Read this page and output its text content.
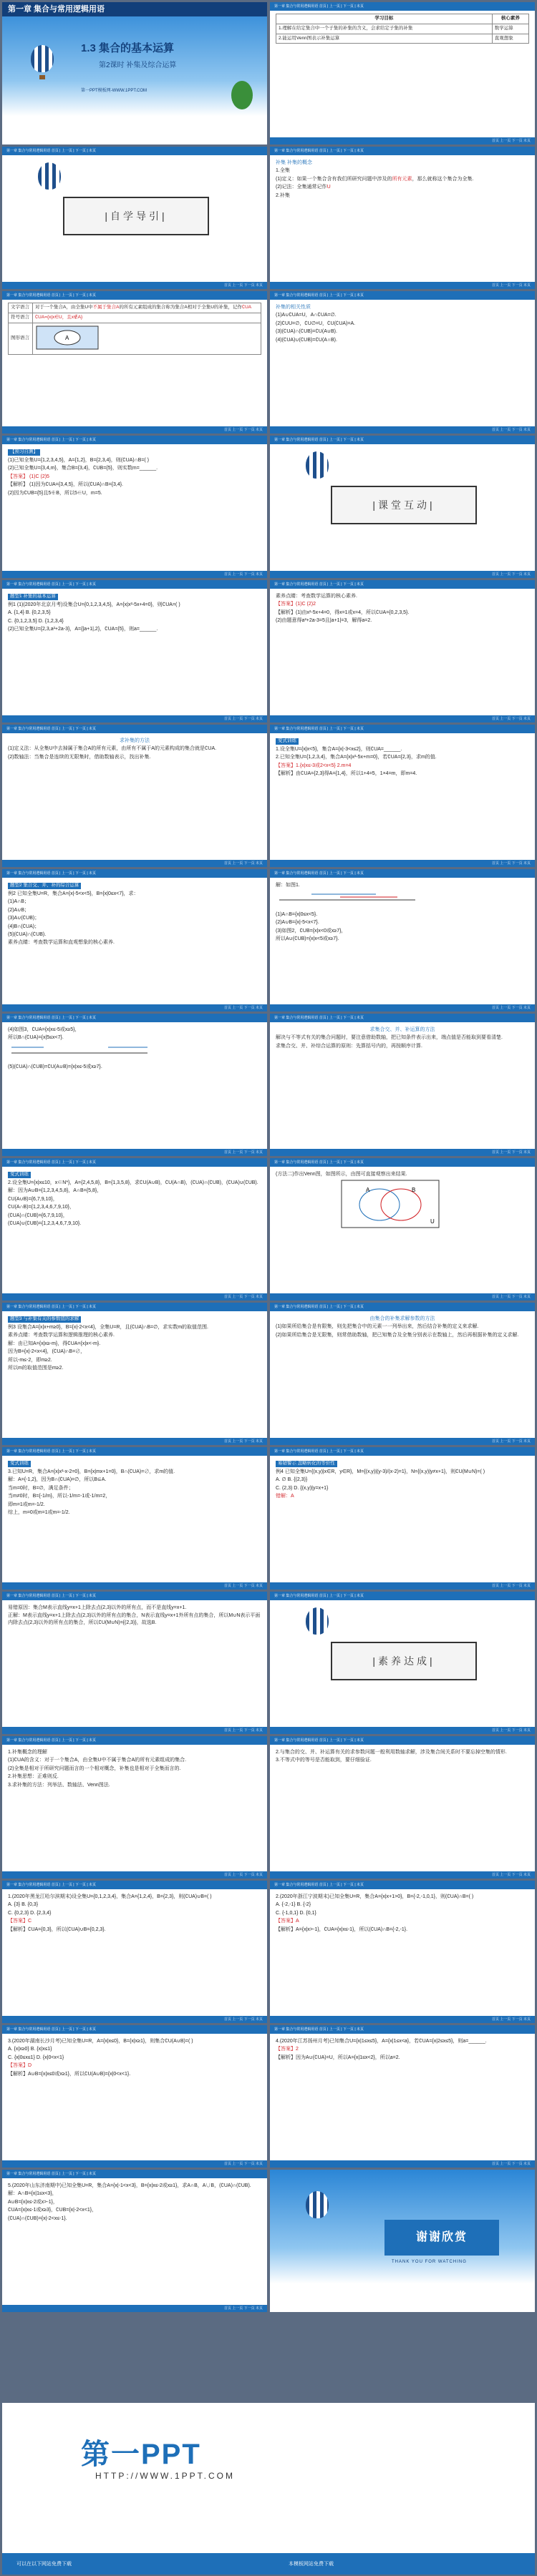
第一章 集合与常用逻辑用语
1.3 集合的基本运算
第2课时 补集及综合运算
第一PPT模板网-WWW.1PPT.COM
第一章 集合与常用逻辑用语 首页 | 上一页 | 下一页 | 末页
学习目标	核心素养
1.理解在给定集合中一个子集的补集的含义，会求给定子集的补集	数学运算
2.能运用Venn图表示补集运算	直观想象
首页 上一页 下一页 末页
第一章 集合与常用逻辑用语 首页 | 上一页 | 下一页 | 末页
|自学导引|
首页 上一页 下一页 末页
第一章 集合与常用逻辑用语 首页 | 上一页 | 下一页 | 末页
补集 补集的概念
1.全集
(1)定义：如果一个集合含有我们所研究问题中涉及的所有元素，那么就称这个集合为全集.
(2)记法：全集通常记作U
2.补集
首页 上一页 下一页 末页
第一章 集合与常用逻辑用语 首页 | 上一页 | 下一页 | 末页
文字语言	对于一个集合A，由全集U中不属于集合A的所有元素组成的集合称为集合A相对于全集U的补集，记作∁UA
符号语言	∁UA={x|x∈U，且x∉A}
图形语言	A
首页 上一页 下一页 末页
第一章 集合与常用逻辑用语 首页 | 上一页 | 下一页 | 末页
补集的相关性质
(1)A∪∁UA=U，A∩∁UA=∅.
(2)∁UU=∅，∁U∅=U，∁U(∁UA)=A.
(3)(∁UA)∩(∁UB)=∁U(A∪B).
(4)(∁UA)∪(∁UB)=∁U(A∩B).
首页 上一页 下一页 末页
第一章 集合与常用逻辑用语 首页 | 上一页 | 下一页 | 末页
【预习自测】
(1)已知全集U={1,2,3,4,5}，A={1,2}，B={2,3,4}，则(∁UA)∩B=( )
(2)已知全集U={3,4,m}，集合B={3,4}，∁UB={5}，则实数m=______.
【答案】 (1)C (2)5
【解析】 (1)因为∁UA={3,4,5}，所以(∁UA)∩B={3,4}.
(2)因为∁UB={5}且5∉B，所以5∈U，m=5.
首页 上一页 下一页 末页
第一章 集合与常用逻辑用语 首页 | 上一页 | 下一页 | 末页
|课堂互动|
首页 上一页 下一页 末页
第一章 集合与常用逻辑用语 首页 | 上一页 | 下一页 | 末页
题型1 补集的基本运算
例1 (1)(2020年北京月考)设集合U={0,1,2,3,4,5}，A={x|x²-5x+4=0}，则∁UA=( )
A. {1,4} B. {0,2,3,5}
C. {0,1,2,3,5} D. {1,2,3,4}
(2)已知全集U={2,3,a²+2a-3}，A={|a+1|,2}，∁UA={5}，则a=______.
首页 上一页 下一页 末页
第一章 集合与常用逻辑用语 首页 | 上一页 | 下一页 | 末页
素养点睛：考查数学运算的核心素养.
【答案】(1)C (2)2
【解析】(1)由x²-5x+4=0，得x=1或x=4，所以∁UA={0,2,3,5}.
(2)由题意得a²+2a-3=5且|a+1|=3，解得a=2.
首页 上一页 下一页 末页
第一章 集合与常用逻辑用语 首页 | 上一页 | 下一页 | 末页
求补集的方法
(1)定义法：从全集U中去掉属于集合A的所有元素，由所有不属于A的元素构成的集合就是∁UA.
(2)数轴法：当集合是连续的无限集时，借助数轴表示，找出补集.
首页 上一页 下一页 末页
第一章 集合与常用逻辑用语 首页 | 上一页 | 下一页 | 末页
变式训练
1.设全集U={x|x<5}，集合A={x|-3<x≤2}，则∁UA=______.
2.已知全集U={1,2,3,4}，集合A={x|x²-5x+m=0}，若∁UA={2,3}，求m的值.
【答案】1.{x|x≤-3或2<x<5} 2.m=4
【解析】由∁UA={2,3}得A={1,4}，所以1+4=5，1×4=m，即m=4.
首页 上一页 下一页 末页
第一章 集合与常用逻辑用语 首页 | 上一页 | 下一页 | 末页
题型2 集合交、并、补的综合运算
例2 已知全集U=R，集合A={x|-5<x<5}，B={x|0≤x<7}，求：
(1)A∩B；
(2)A∪B；
(3)A∪(∁UB)；
(4)B∩(∁UA)；
(5)(∁UA)∩(∁UB).
素养点睛：考查数学运算和直观想象的核心素养.
首页 上一页 下一页 末页
第一章 集合与常用逻辑用语 首页 | 上一页 | 下一页 | 末页
解：如图1.
(1)A∩B={x|0≤x<5}.
(2)A∪B={x|-5<x<7}.
(3)如图2，∁UB={x|x<0或x≥7}，
所以A∪(∁UB)={x|x<5或x≥7}.
首页 上一页 下一页 末页
第一章 集合与常用逻辑用语 首页 | 上一页 | 下一页 | 末页
(4)如图3，∁UA={x|x≤-5或x≥5}，
所以B∩(∁UA)={x|5≤x<7}.
(5)(∁UA)∩(∁UB)=∁U(A∪B)={x|x≤-5或x≥7}.
首页 上一页 下一页 末页
第一章 集合与常用逻辑用语 首页 | 上一页 | 下一页 | 末页
求集合交、并、补运算的方法
解决与不等式有关的集合问题时，要注意借助数轴，把已知条件表示出来，端点值是否能取到要看清楚.
求集合交、并、补综合运算的原则：先算括号内的，再按顺序计算.
首页 上一页 下一页 末页
第一章 集合与常用逻辑用语 首页 | 上一页 | 下一页 | 末页
变式训练
2.设全集U={x|x≤10，x∈N*}，A={2,4,5,8}，B={1,3,5,8}，求∁U(A∪B)，∁U(A∩B)，(∁UA)∩(∁UB)，(∁UA)∪(∁UB).
解：因为A∪B={1,2,3,4,5,8}，A∩B={5,8}，
∁U(A∪B)={6,7,9,10}，
∁U(A∩B)={1,2,3,4,6,7,9,10}，
(∁UA)∩(∁UB)={6,7,9,10}，
(∁UA)∪(∁UB)={1,2,3,4,6,7,9,10}.
首页 上一页 下一页 末页
第一章 集合与常用逻辑用语 首页 | 上一页 | 下一页 | 末页
(方法二)作出Venn图，如图所示，由图可直接观察出来结果.
A	B
U
首页 上一页 下一页 末页
第一章 集合与常用逻辑用语 首页 | 上一页 | 下一页 | 末页
题型3 与补集有关的参数值的求解
例3 设集合A={x|x+m≥0}，B={x|-2<x<4}，全集U=R，且(∁UA)∩B=∅，求实数m的取值范围.
素养点睛：考查数学运算和逻辑推理的核心素养.
解：由已知A={x|x≥-m}，得∁UA={x|x<-m}.
因为B={x|-2<x<4}，(∁UA)∩B=∅，
所以-m≤-2，即m≥2.
所以m的取值范围是m≥2.
首页 上一页 下一页 末页
第一章 集合与常用逻辑用语 首页 | 上一页 | 下一页 | 末页
由集合的补集求解参数的方法
(1)如果所给集合是有限集，则先把集合中的元素一一列举出来，然后结合补集的定义来求解.
(2)如果所给集合是无限集，则常借助数轴，把已知集合及全集分别表示在数轴上，然后再根据补集的定义求解.
首页 上一页 下一页 末页
第一章 集合与常用逻辑用语 首页 | 上一页 | 下一页 | 末页
变式训练
3.已知U=R，集合A={x|x²-x-2=0}，B={x|mx+1=0}，B∩(∁UA)=∅，求m的值.
解：A={-1,2}，因为B∩(∁UA)=∅，所以B⊆A.
当m=0时，B=∅，满足条件；
当m≠0时，B={-1/m}，所以-1/m=-1或-1/m=2，
即m=1或m=-1/2.
综上，m=0或m=1或m=-1/2.
首页 上一页 下一页 末页
第一章 集合与常用逻辑用语 首页 | 上一页 | 下一页 | 末页
易错警示 忽略转化的等价性
例4 已知全集U={(x,y)|x∈R，y∈R}，M={(x,y)|(y-3)/(x-2)=1}，N={(x,y)|y≠x+1}，则∁U(M∪N)=( )
A. ∅ B. {(2,3)}
C. (2,3) D. {(x,y)|y=x+1}
错解：A
首页 上一页 下一页 末页
第一章 集合与常用逻辑用语 首页 | 上一页 | 下一页 | 末页
易错原因：集合M表示直线y=x+1上除去点(2,3)以外的所有点，而不是直线y=x+1.
正解：M表示直线y=x+1上除去点(2,3)以外的所有点的集合，N表示直线y=x+1外所有点的集合，所以M∪N表示平面内除去点(2,3)以外的所有点的集合，所以∁U(M∪N)={(2,3)}，故选B.
首页 上一页 下一页 末页
第一章 集合与常用逻辑用语 首页 | 上一页 | 下一页 | 末页
|素养达成|
首页 上一页 下一页 末页
第一章 集合与常用逻辑用语 首页 | 上一页 | 下一页 | 末页
1.补集概念的理解
(1)∁UA的含义：对于一个集合A，由全集U中不属于集合A的所有元素组成的集合.
(2)全集是相对于所研究问题而言的一个相对概念，补集也是相对于全集而言的.
2.补集思想：正难则反.
3.求补集的方法：列举法、数轴法、Venn图法.
首页 上一页 下一页 末页
第一章 集合与常用逻辑用语 首页 | 上一页 | 下一页 | 末页
2.与集合的交、并、补运算有关的求参数问题一般利用数轴求解，涉及集合间关系时不要忘掉空集的情形.
3.不等式中的等号是否能取到，要仔细验证.
首页 上一页 下一页 末页
第一章 集合与常用逻辑用语 首页 | 上一页 | 下一页 | 末页
1.(2020年黑龙江哈尔滨期末)设全集U={0,1,2,3,4}，集合A={1,2,4}，B={2,3}，则(∁UA)∪B=( )
A. {3} B. {0,3}
C. {0,2,3} D. {2,3,4}
【答案】C
【解析】∁UA={0,3}，所以(∁UA)∪B={0,2,3}.
首页 上一页 下一页 末页
第一章 集合与常用逻辑用语 首页 | 上一页 | 下一页 | 末页
2.(2020年浙江宁波期末)已知全集U=R，集合A={x|x+1>0}，B={-2,-1,0,1}，则(∁UA)∩B=( )
A. {-2,-1} B. {-2}
C. {-1,0,1} D. {0,1}
【答案】A
【解析】A={x|x>-1}，∁UA={x|x≤-1}，所以(∁UA)∩B={-2,-1}.
首页 上一页 下一页 末页
第一章 集合与常用逻辑用语 首页 | 上一页 | 下一页 | 末页
3.(2020年湖南长沙月考)已知全集U=R，A={x|x≤0}，B={x|x≥1}，则集合∁U(A∪B)=( )
A. {x|x≥0} B. {x|x≤1}
C. {x|0≤x≤1} D. {x|0<x<1}
【答案】D
【解析】A∪B={x|x≤0或x≥1}，所以∁U(A∪B)={x|0<x<1}.
首页 上一页 下一页 末页
第一章 集合与常用逻辑用语 首页 | 上一页 | 下一页 | 末页
4.(2020年江苏扬州月考)已知集合U={x|1≤x≤5}，A={x|1≤x<a}，若∁UA={x|2≤x≤5}，则a=______.
【答案】2
【解析】因为A∪(∁UA)=U，所以A={x|1≤x<2}，所以a=2.
首页 上一页 下一页 末页
第一章 集合与常用逻辑用语 首页 | 上一页 | 下一页 | 末页
5.(2020年山东济南期中)已知全集U=R，集合A={x|-1<x<3}，B={x|x≤-2或x≥1}，求A∩B，A∪B，(∁UA)∩(∁UB).
解：A∩B={x|1≤x<3}，
A∪B={x|x≤-2或x>-1}，
∁UA={x|x≤-1或x≥3}，∁UB={x|-2<x<1}，
(∁UA)∩(∁UB)={x|-2<x≤-1}.
首页 上一页 下一页 末页
谢谢欣赏
THANK YOU FOR WATCHING
第一PPT
HTTP://WWW.1PPT.COM
可以在以下网站免费下载	本模板网站免费下载
